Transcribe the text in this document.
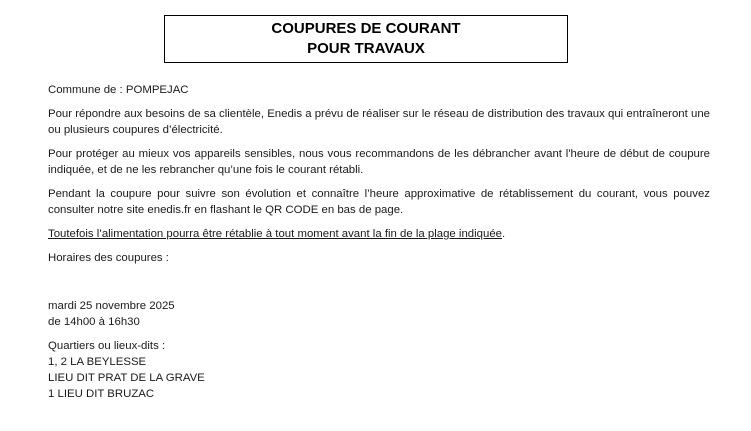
COUPURES DE COURANT
POUR TRAVAUX

Commune de : POMPEJAC

Pour répondre aux besoins de sa clientèle, Enedis a prévu de réaliser sur le réseau de distribution des travaux qui entraîneront une ou plusieurs coupures d’électricité.

Pour protéger au mieux vos appareils sensibles, nous vous recommandons de les débrancher avant l'heure de début de coupure indiquée, et de ne les rebrancher qu’une fois le courant rétabli.

Pendant la coupure pour suivre son évolution et connaître l’heure approximative de rétablissement du courant, vous pouvez consulter notre site enedis.fr en flashant le QR CODE en bas de page.

Toutefois l’alimentation pourra être rétablie à tout moment avant la fin de la plage indiquée.

Horaires des coupures :

mardi 25 novembre 2025
de 14h00 à 16h30
Quartiers ou lieux-dits :
1, 2 LA BEYLESSE
LIEU DIT PRAT DE LA GRAVE
1 LIEU DIT BRUZAC
